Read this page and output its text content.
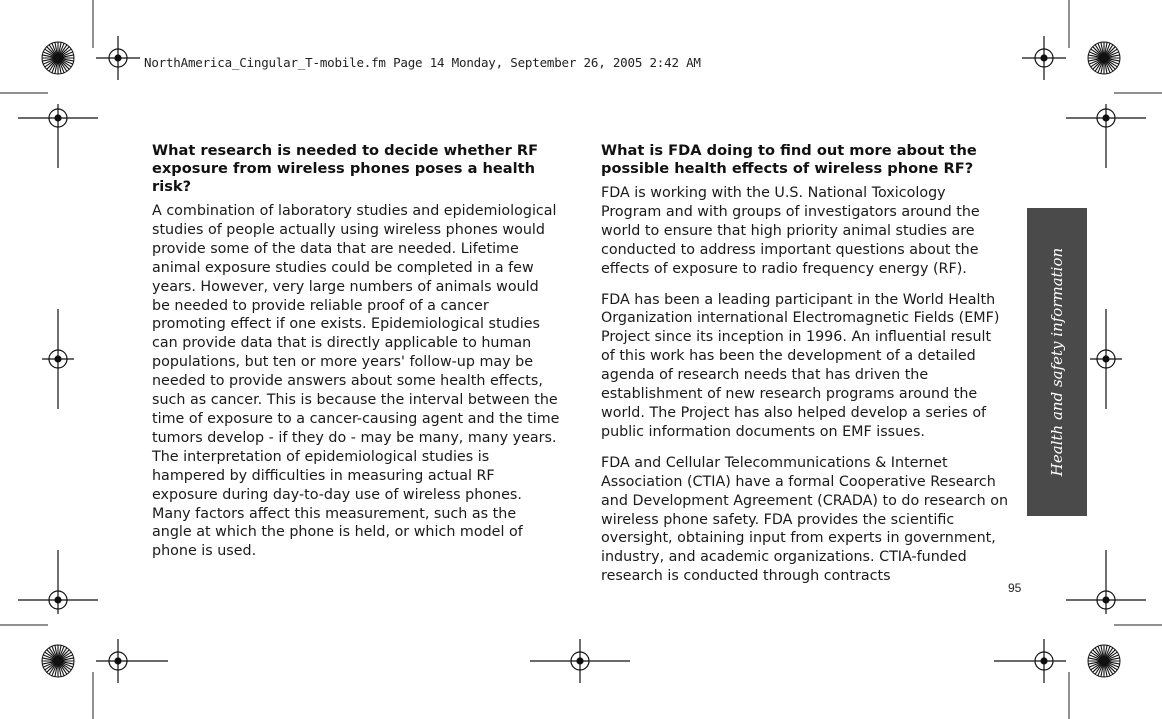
NorthAmerica_Cingular_T-mobile.fm Page 14 Monday, September 26, 2005 2:42 AM
What research is needed to decide whether RF exposure from wireless phones poses a health risk?

A combination of laboratory studies and epidemiological studies of people actually using wireless phones would provide some of the data that are needed. Lifetime animal exposure studies could be completed in a few years. However, very large numbers of animals would be needed to provide reliable proof of a cancer promoting effect if one exists. Epidemiological studies can provide data that is directly applicable to human populations, but ten or more years' follow-up may be needed to provide answers about some health effects, such as cancer. This is because the interval between the time of exposure to a cancer-causing agent and the time tumors develop - if they do - may be many, many years. The interpretation of epidemiological studies is hampered by difficulties in measuring actual RF exposure during day-to-day use of wireless phones. Many factors affect this measurement, such as the angle at which the phone is held, or which model of phone is used.

What is FDA doing to find out more about the possible health effects of wireless phone RF?

FDA is working with the U.S. National Toxicology Program and with groups of investigators around the world to ensure that high priority animal studies are conducted to address important questions about the effects of exposure to radio frequency energy (RF).

FDA has been a leading participant in the World Health Organization international Electromagnetic Fields (EMF) Project since its inception in 1996. An influential result of this work has been the development of a detailed agenda of research needs that has driven the establishment of new research programs around the world. The Project has also helped develop a series of public information documents on EMF issues.

FDA and Cellular Telecommunications & Internet Association (CTIA) have a formal Cooperative Research and Development Agreement (CRADA) to do research on wireless phone safety. FDA provides the scientific oversight, obtaining input from experts in government, industry, and academic organizations. CTIA-funded research is conducted through contracts

Health and safety information
95
